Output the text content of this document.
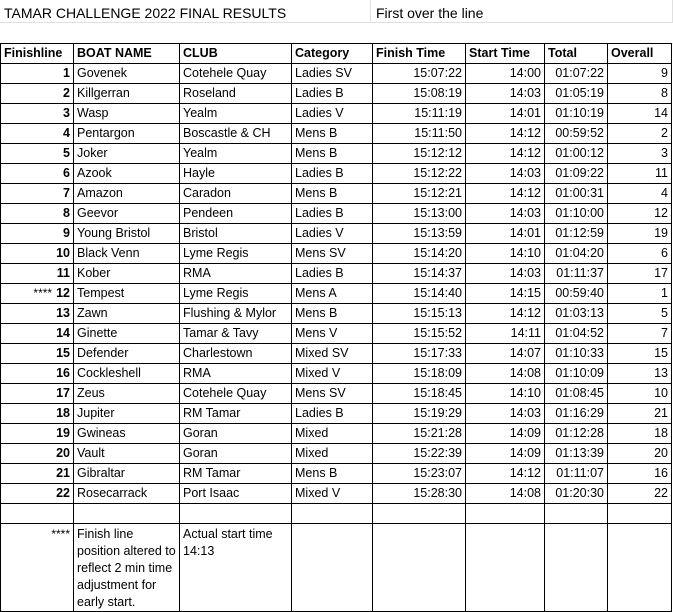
TAMAR CHALLENGE 2022 FINAL RESULTS	First over the line
Finishline	BOAT NAME	CLUB	Category	Finish Time	Start Time	Total	Overall
1	Govenek	Cotehele Quay	Ladies SV	15:07:22	14:00	01:07:22	9
2	Killgerran	Roseland	Ladies B	15:08:19	14:03	01:05:19	8
3	Wasp	Yealm	Ladies V	15:11:19	14:01	01:10:19	14
4	Pentargon	Boscastle & CH	Mens B	15:11:50	14:12	00:59:52	2
5	Joker	Yealm	Mens B	15:12:12	14:12	01:00:12	3
6	Azook	Hayle	Ladies B	15:12:22	14:03	01:09:22	11
7	Amazon	Caradon	Mens B	15:12:21	14:12	01:00:31	4
8	Geevor	Pendeen	Ladies B	15:13:00	14:03	01:10:00	12
9	Young Bristol	Bristol	Ladies V	15:13:59	14:01	01:12:59	19
10	Black Venn	Lyme Regis	Mens SV	15:14:20	14:10	01:04:20	6
11	Kober	RMA	Ladies B	15:14:37	14:03	01:11:37	17
**** 12	Tempest	Lyme Regis	Mens A	15:14:40	14:15	00:59:40	1
13	Zawn	Flushing & Mylor	Mens B	15:15:13	14:12	01:03:13	5
14	Ginette	Tamar & Tavy	Mens V	15:15:52	14:11	01:04:52	7
15	Defender	Charlestown	Mixed SV	15:17:33	14:07	01:10:33	15
16	Cockleshell	RMA	Mixed V	15:18:09	14:08	01:10:09	13
17	Zeus	Cotehele Quay	Mens SV	15:18:45	14:10	01:08:45	10
18	Jupiter	RM Tamar	Ladies B	15:19:29	14:03	01:16:29	21
19	Gwineas	Goran	Mixed	15:21:28	14:09	01:12:28	18
20	Vault	Goran	Mixed	15:22:39	14:09	01:13:39	20
21	Gibraltar	RM Tamar	Mens B	15:23:07	14:12	01:11:07	16
22	Rosecarrack	Port Isaac	Mixed V	15:28:30	14:08	01:20:30	22

****	Finish line position altered to reflect 2 min time adjustment for early start.	Actual start time 14:13					
